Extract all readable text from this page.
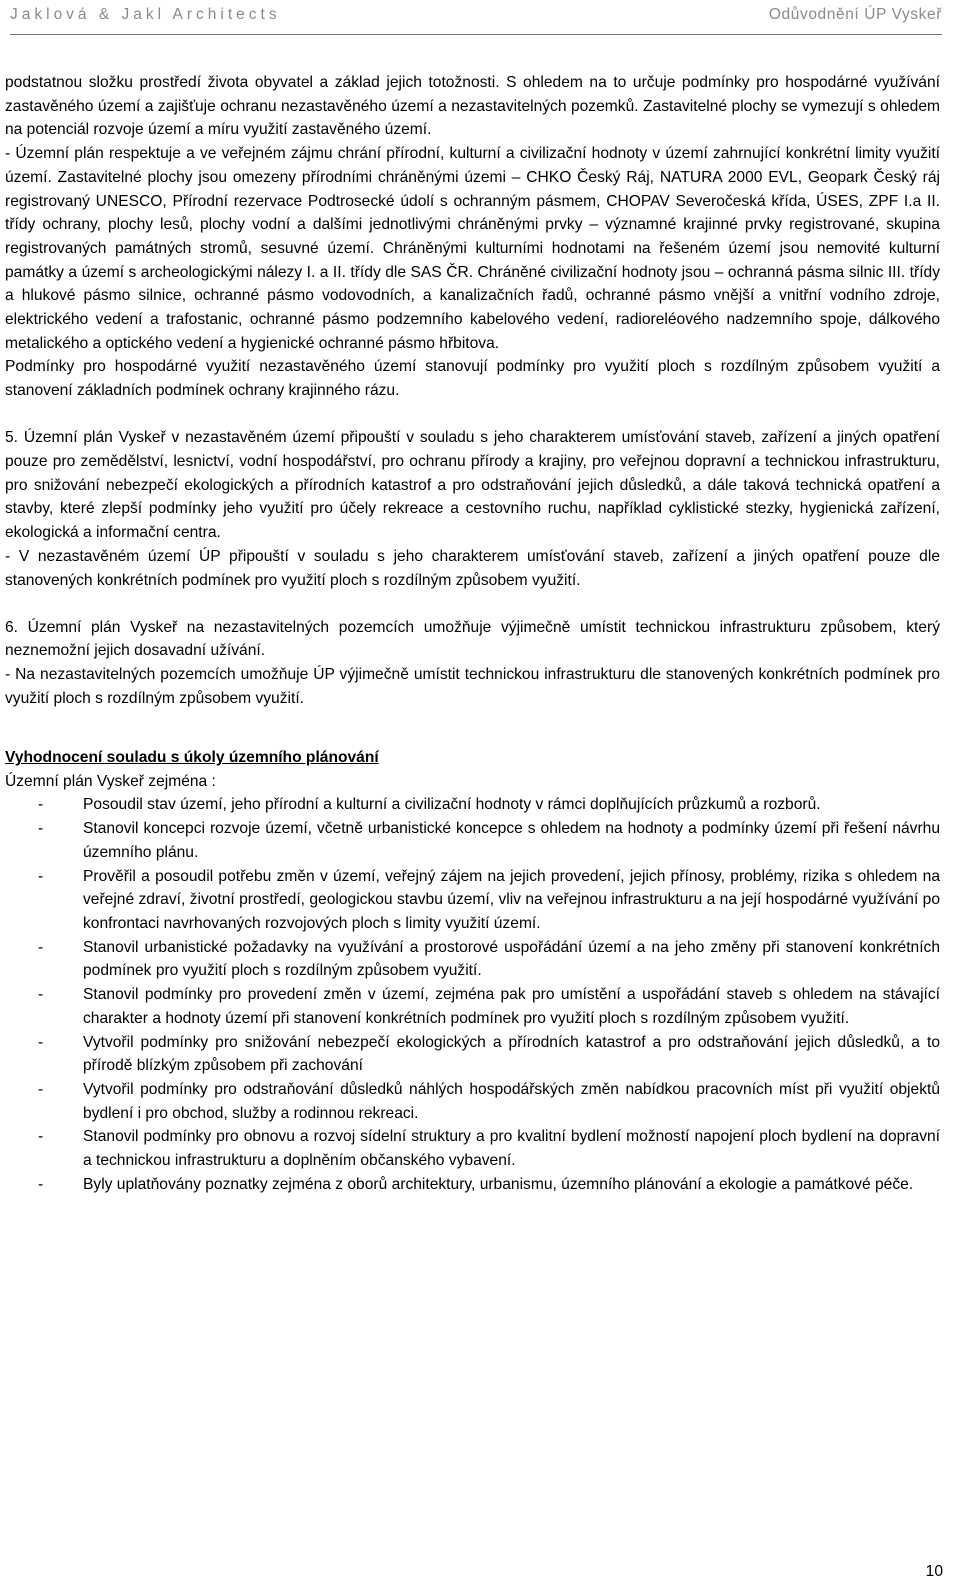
Jaklová & Jakl Architects	Odůvodnění ÚP Vyskeř

podstatnou složku prostředí života obyvatel a základ jejich totožnosti. S ohledem na to určuje podmínky pro hospodárné využívání zastavěného území a zajišťuje ochranu nezastavěného území a nezastavitelných pozemků. Zastavitelné plochy se vymezují s ohledem na potenciál rozvoje území a míru využití zastavěného území.

- Územní plán respektuje a ve veřejném zájmu chrání přírodní, kulturní a civilizační hodnoty v území zahrnující konkrétní limity využití území. Zastavitelné plochy jsou omezeny přírodními chráněnými územi – CHKO Český Ráj, NATURA 2000 EVL, Geopark Český ráj registrovaný UNESCO, Přírodní rezervace Podtrosecké údolí s ochranným pásmem, CHOPAV Severočeská křída, ÚSES, ZPF I.a II. třídy ochrany, plochy lesů, plochy vodní a dalšími jednotlivými chráněnými prvky – významné krajinné prvky registrované, skupina registrovaných památných stromů, sesuvné území. Chráněnými kulturními hodnotami na řešeném území jsou nemovité kulturní památky a území s archeologickými nálezy I. a II. třídy dle SAS ČR. Chráněné civilizační hodnoty jsou – ochranná pásma silnic III. třídy a hlukové pásmo silnice, ochranné pásmo vodovodních, a kanalizačních řadů, ochranné pásmo vnější a vnitřní vodního zdroje, elektrického vedení a trafostanic, ochranné pásmo podzemního kabelového vedení, radioreléového nadzemního spoje, dálkového metalického a optického vedení a hygienické ochranné pásmo hřbitova.

Podmínky pro hospodárné využití nezastavěného území stanovují podmínky pro využití ploch s rozdílným způsobem využití a stanovení základních podmínek ochrany krajinného rázu.

5. Územní plán Vyskeř v nezastavěném území připouští v souladu s jeho charakterem umísťování staveb, zařízení a jiných opatření pouze pro zemědělství, lesnictví, vodní hospodářství, pro ochranu přírody a krajiny, pro veřejnou dopravní a technickou infrastrukturu, pro snižování nebezpečí ekologických a přírodních katastrof a pro odstraňování jejich důsledků, a dále taková technická opatření a stavby, které zlepší podmínky jeho využití pro účely rekreace a cestovního ruchu, například cyklistické stezky, hygienická zařízení, ekologická a informační centra.

- V nezastavěném území ÚP připouští v souladu s jeho charakterem umísťování staveb, zařízení a jiných opatření pouze dle stanovených konkrétních podmínek pro využití ploch s rozdílným způsobem využití.

6. Územní plán Vyskeř na nezastavitelných pozemcích umožňuje výjimečně umístit technickou infrastrukturu způsobem, který neznemožní jejich dosavadní užívání.

- Na nezastavitelných pozemcích umožňuje ÚP výjimečně umístit technickou infrastrukturu dle stanovených konkrétních podmínek pro využití ploch s rozdílným způsobem využití.

Vyhodnocení souladu s úkoly územního plánování

Územní plán Vyskeř zejména :

-	Posoudil stav území, jeho přírodní a kulturní a civilizační hodnoty v rámci doplňujících průzkumů a rozborů.
-	Stanovil koncepci rozvoje území, včetně urbanistické koncepce s ohledem na hodnoty a podmínky území při řešení návrhu územního plánu.
-	Prověřil a posoudil potřebu změn v území, veřejný zájem na jejich provedení, jejich přínosy, problémy, rizika s ohledem na veřejné zdraví, životní prostředí, geologickou stavbu území, vliv na veřejnou infrastrukturu a na její hospodárné využívání po konfrontaci navrhovaných rozvojových ploch s limity využití území.
-	Stanovil urbanistické požadavky na využívání a prostorové uspořádání území a na jeho změny při stanovení konkrétních podmínek pro využití ploch s rozdílným způsobem využití.
-	Stanovil podmínky pro provedení změn v území, zejména pak pro umístění a uspořádání staveb s ohledem na stávající charakter a hodnoty území při stanovení konkrétních podmínek pro využití ploch s rozdílným způsobem využití.
-	Vytvořil podmínky pro snižování nebezpečí ekologických a přírodních katastrof a pro odstraňování jejich důsledků, a to přírodě blízkým způsobem při zachování
-	Vytvořil podmínky pro odstraňování důsledků náhlých hospodářských změn nabídkou pracovních míst při využití objektů bydlení i pro obchod, služby a rodinnou rekreaci.
-	Stanovil podmínky pro obnovu a rozvoj sídelní struktury a pro kvalitní bydlení možností napojení ploch bydlení na dopravní a technickou infrastrukturu a doplněním občanského vybavení.
-	Byly uplatňovány poznatky zejména z oborů architektury, urbanismu, územního plánování a ekologie a památkové péče.
10
